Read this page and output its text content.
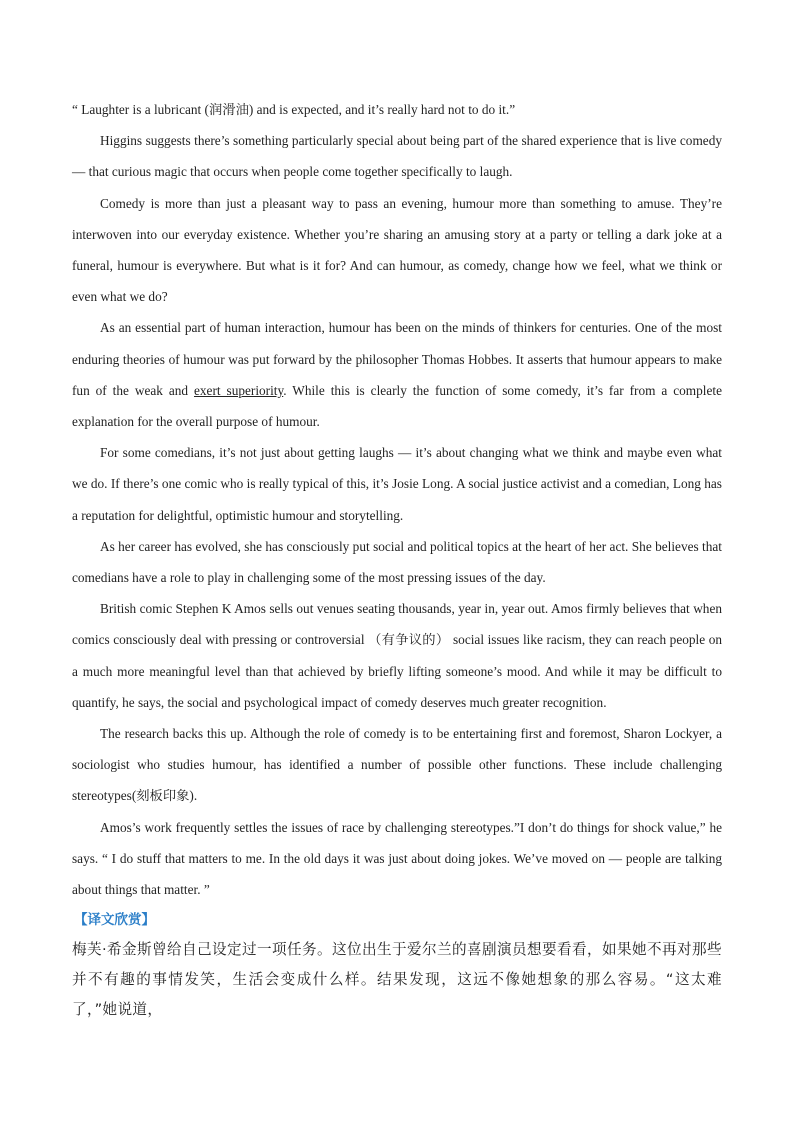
“ Laughter is a lubricant (润滑油) and is expected, and it’s really hard not to do it.”

Higgins suggests there’s something particularly special about being part of the shared experience that is live comedy — that curious magic that occurs when people come together specifically to laugh.

Comedy is more than just a pleasant way to pass an evening, humour more than something to amuse. They’re interwoven into our everyday existence. Whether you’re sharing an amusing story at a party or telling a dark joke at a funeral, humour is everywhere. But what is it for? And can humour, as comedy, change how we feel, what we think or even what we do?

As an essential part of human interaction, humour has been on the minds of thinkers for centuries. One of the most enduring theories of humour was put forward by the philosopher Thomas Hobbes. It asserts that humour appears to make fun of the weak and exert superiority. While this is clearly the function of some comedy, it’s far from a complete explanation for the overall purpose of humour.

For some comedians, it’s not just about getting laughs — it’s about changing what we think and maybe even what we do. If there’s one comic who is really typical of this, it’s Josie Long. A social justice activist and a comedian, Long has a reputation for delightful, optimistic humour and storytelling.

As her career has evolved, she has consciously put social and political topics at the heart of her act. She believes that comedians have a role to play in challenging some of the most pressing issues of the day.

British comic Stephen K Amos sells out venues seating thousands, year in, year out. Amos firmly believes that when comics consciously deal with pressing or controversial （有争议的） social issues like racism, they can reach people on a much more meaningful level than that achieved by briefly lifting someone’s mood. And while it may be difficult to quantify, he says, the social and psychological impact of comedy deserves much greater recognition.

The research backs this up. Although the role of comedy is to be entertaining first and foremost, Sharon Lockyer, a sociologist who studies humour, has identified a number of possible other functions. These include challenging stereotypes(刻板印象).

Amos’s work frequently settles the issues of race by challenging stereotypes.”I don’t do things for shock value,” he says. “ I do stuff that matters to me. In the old days it was just about doing jokes. We’ve moved on — people are talking about things that matter. ”

【译文欣赏】

梅芙·希金斯曾给自己设定过一项任务。这位出生于爱尔兰的喜剧演员想要看看，如果她不再对那些并不有趣的事情发笑，生活会变成什么样。结果发现，这远不像她想象的那么容易。“这太难了，”她说道，
